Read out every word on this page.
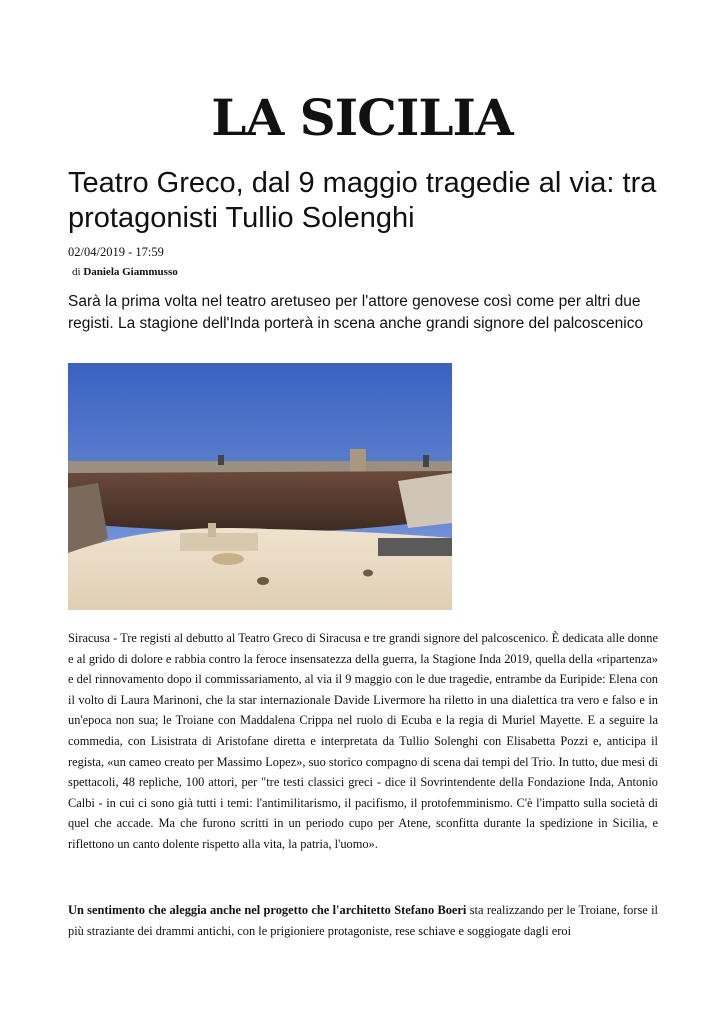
LA SICILIA
Teatro Greco, dal 9 maggio tragedie al via: tra protagonisti Tullio Solenghi
02/04/2019 - 17:59
di Daniela Giammusso
Sarà la prima volta nel teatro aretuseo per l'attore genovese così come per altri due registi. La stagione dell'Inda porterà in scena anche grandi signore del palcoscenico
Siracusa - Tre registi al debutto al Teatro Greco di Siracusa e tre grandi signore del palcoscenico. È dedicata alle donne e al grido di dolore e rabbia contro la feroce insensatezza della guerra, la Stagione Inda 2019, quella della «ripartenza» e del rinnovamento dopo il commissariamento, al via il 9 maggio con le due tragedie, entrambe da Euripide: Elena con il volto di Laura Marinoni, che la star internazionale Davide Livermore ha riletto in una dialettica tra vero e falso e in un'epoca non sua; le Troiane con Maddalena Crippa nel ruolo di Ecuba e la regia di Muriel Mayette. E a seguire la commedia, con Lisistrata di Aristofane diretta e interpretata da Tullio Solenghi con Elisabetta Pozzi e, anticipa il regista, «un cameo creato per Massimo Lopez», suo storico compagno di scena dai tempi del Trio. In tutto, due mesi di spettacoli, 48 repliche, 100 attori, per "tre testi classici greci - dice il Sovrintendente della Fondazione Inda, Antonio Calbi - in cui ci sono già tutti i temi: l'antimilitarismo, il pacifismo, il protofemminismo. C'è l'impatto sulla società di quel che accade. Ma che furono scritti in un periodo cupo per Atene, sconfitta durante la spedizione in Sicilia, e riflettono un canto dolente rispetto alla vita, la patria, l'uomo».
Un sentimento che aleggia anche nel progetto che l'architetto Stefano Boeri sta realizzando per le Troiane, forse il più straziante dei drammi antichi, con le prigioniere protagoniste, rese schiave e soggiogate dagli eroi
